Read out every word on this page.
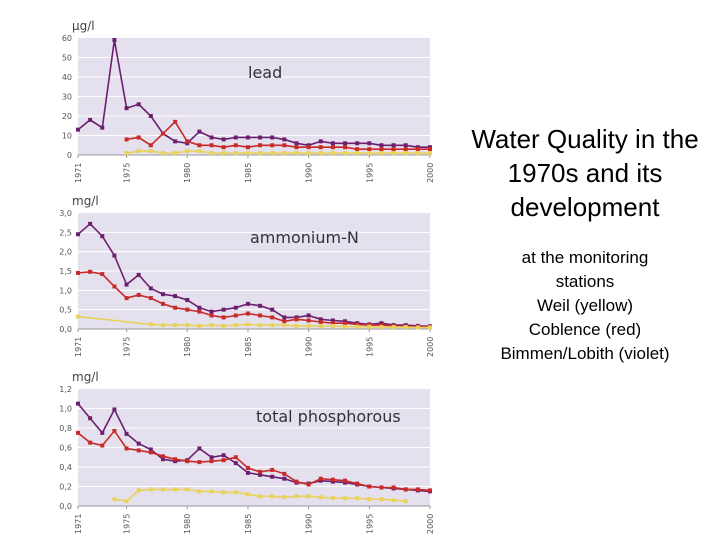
0
10
20
30
40
50
60
1971	1975	1980	1985	1990	1995	2000
µg/l
lead
0,0
0,5
1,0
1,5
2,0
2,5
3,0
1971	1975	1980	1985	1990	1995	2000
mg/l
ammonium-N
0,0
0,2
0,4
0,6
0,8
1,0
1,2
1971	1975	1980	1985	1990	1995	2000
mg/l
total phosphorous
Water Quality in the 1970s and its development
at the monitoring
stations
Weil (yellow)
Coblence (red)
Bimmen/Lobith (violet)
